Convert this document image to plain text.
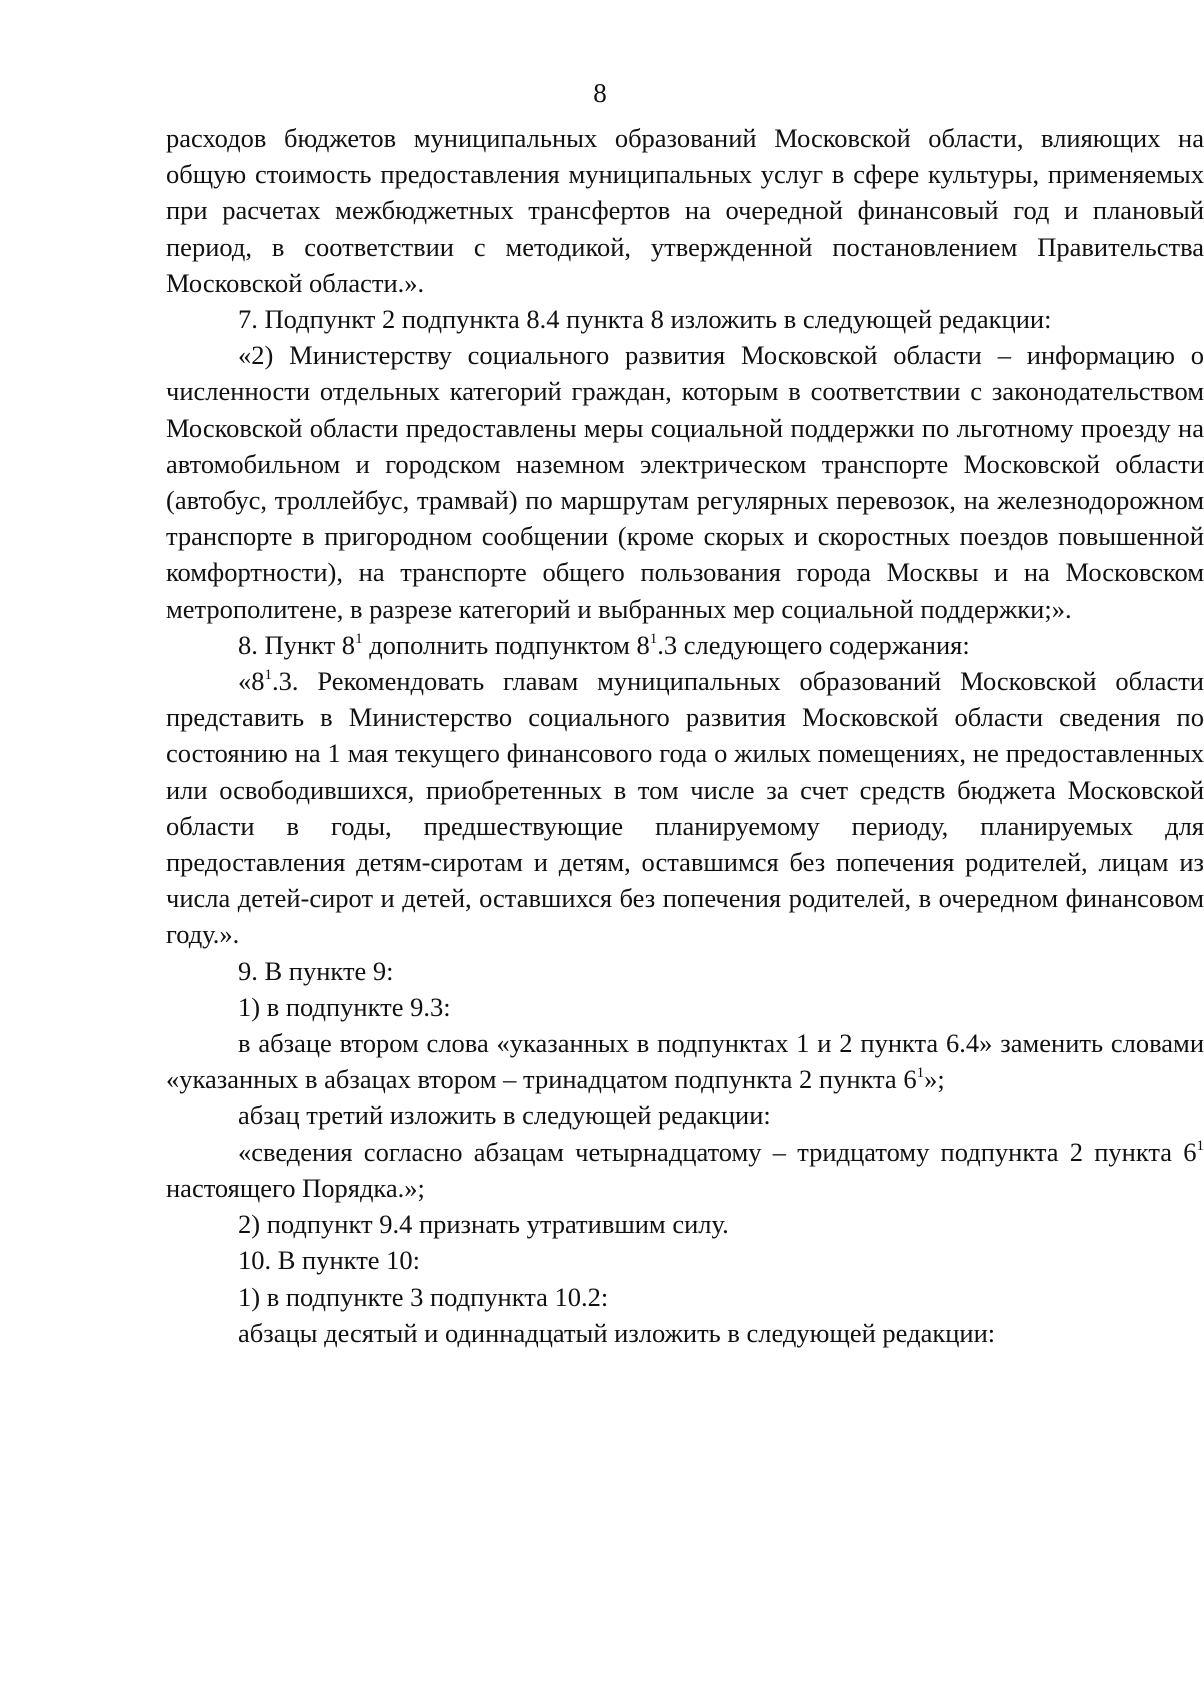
8

расходов бюджетов муниципальных образований Московской области, влияющих на общую стоимость предоставления муниципальных услуг в сфере культуры, применяемых при расчетах межбюджетных трансфертов на очередной финансовый год и плановый период, в соответствии с методикой, утвержденной постановлением Правительства Московской области.».

7. Подпункт 2 подпункта 8.4 пункта 8 изложить в следующей редакции:

«2) Министерству социального развития Московской области – информацию о численности отдельных категорий граждан, которым в соответствии с законодательством Московской области предоставлены меры социальной поддержки по льготному проезду на автомобильном и городском наземном электрическом транспорте Московской области (автобус, троллейбус, трамвай) по маршрутам регулярных перевозок, на железнодорожном транспорте в пригородном сообщении (кроме скорых и скоростных поездов повышенной комфортности), на транспорте общего пользования города Москвы и на Московском метрополитене, в разрезе категорий и выбранных мер социальной поддержки;».

8. Пункт $8^1$ дополнить подпунктом $8^1.3$ следующего содержания:

«$8^1.3$. Рекомендовать главам муниципальных образований Московской области представить в Министерство социального развития Московской области сведения по состоянию на 1 мая текущего финансового года о жилых помещениях, не предоставленных или освободившихся, приобретенных в том числе за счет средств бюджета Московской области в годы, предшествующие планируемому периоду, планируемых для предоставления детям-сиротам и детям, оставшимся без попечения родителей, лицам из числа детей-сирот и детей, оставшихся без попечения родителей, в очередном финансовом году.».

9. В пункте 9:

1) в подпункте 9.3:

в абзаце втором слова «указанных в подпунктах 1 и 2 пункта 6.4» заменить словами «указанных в абзацах втором – тринадцатом подпункта 2 пункта $6^1$»;

абзац третий изложить в следующей редакции:

«сведения согласно абзацам четырнадцатому – тридцатому подпункта 2 пункта $6^1$ настоящего Порядка.»;

2) подпункт 9.4 признать утратившим силу.

10. В пункте 10:

1) в подпункте 3 подпункта 10.2:

абзацы десятый и одиннадцатый изложить в следующей редакции:
